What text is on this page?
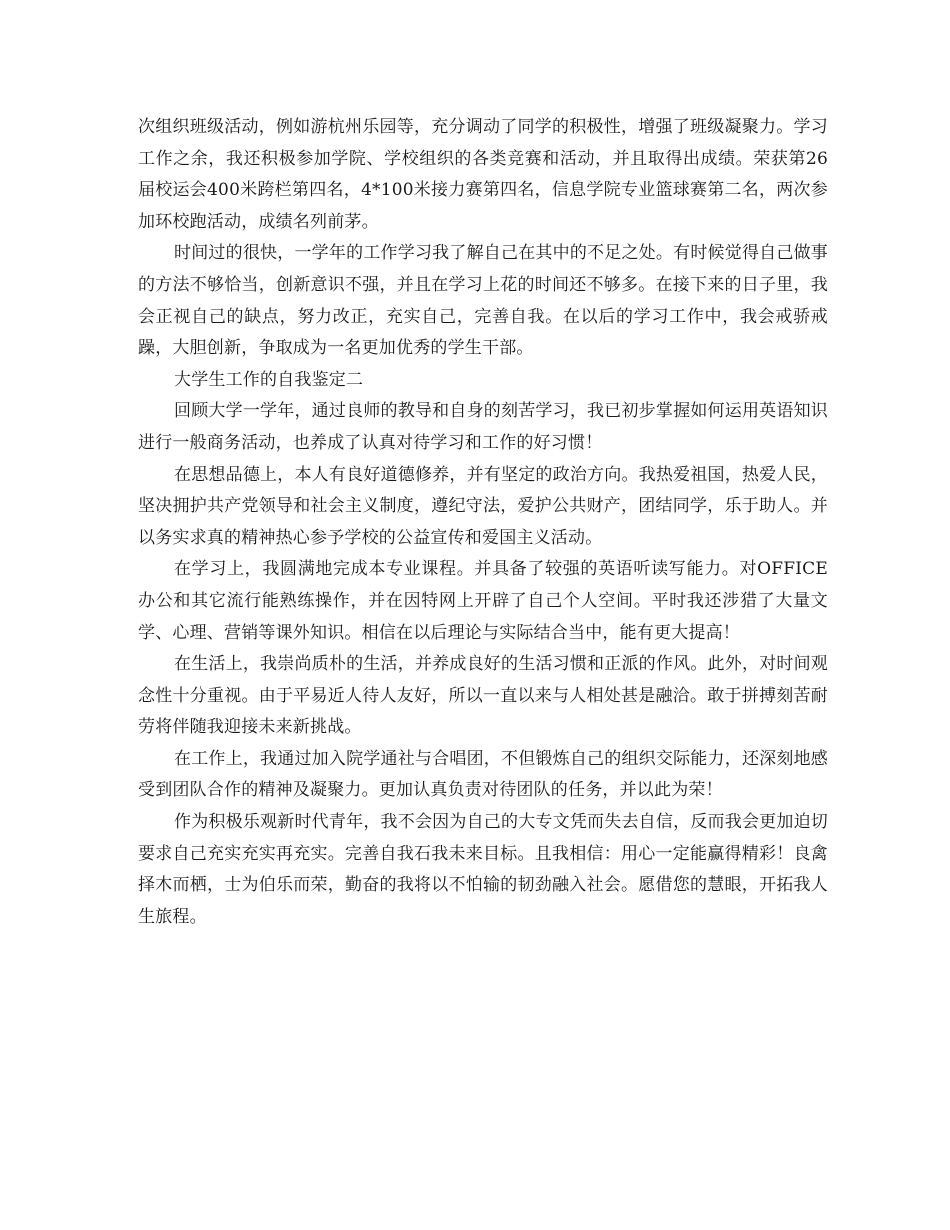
次组织班级活动，例如游杭州乐园等，充分调动了同学的积极性，增强了班级凝聚力。学习工作之余，我还积极参加学院、学校组织的各类竞赛和活动，并且取得出成绩。荣获第26届校运会400米跨栏第四名，4*100米接力赛第四名，信息学院专业篮球赛第二名，两次参加环校跑活动，成绩名列前茅。

时间过的很快，一学年的工作学习我了解自己在其中的不足之处。有时候觉得自己做事的方法不够恰当，创新意识不强，并且在学习上花的时间还不够多。在接下来的日子里，我会正视自己的缺点，努力改正，充实自己，完善自我。在以后的学习工作中，我会戒骄戒躁，大胆创新，争取成为一名更加优秀的学生干部。

大学生工作的自我鉴定二

回顾大学一学年，通过良师的教导和自身的刻苦学习，我已初步掌握如何运用英语知识进行一般商务活动，也养成了认真对待学习和工作的好习惯！

在思想品德上，本人有良好道德修养，并有坚定的政治方向。我热爱祖国，热爱人民，坚决拥护共产党领导和社会主义制度，遵纪守法，爱护公共财产，团结同学，乐于助人。并以务实求真的精神热心参予学校的公益宣传和爱国主义活动。

在学习上，我圆满地完成本专业课程。并具备了较强的英语听读写能力。对OFFICE办公和其它流行能熟练操作，并在因特网上开辟了自己个人空间。平时我还涉猎了大量文学、心理、营销等课外知识。相信在以后理论与实际结合当中，能有更大提高！

在生活上，我崇尚质朴的生活，并养成良好的生活习惯和正派的作风。此外，对时间观念性十分重视。由于平易近人待人友好，所以一直以来与人相处甚是融洽。敢于拼搏刻苦耐劳将伴随我迎接未来新挑战。

在工作上，我通过加入院学通社与合唱团，不但锻炼自己的组织交际能力，还深刻地感受到团队合作的精神及凝聚力。更加认真负责对待团队的任务，并以此为荣！

作为积极乐观新时代青年，我不会因为自己的大专文凭而失去自信，反而我会更加迫切要求自己充实充实再充实。完善自我石我未来目标。且我相信：用心一定能赢得精彩！良禽择木而栖，士为伯乐而荣，勤奋的我将以不怕输的韧劲融入社会。愿借您的慧眼，开拓我人生旅程。
